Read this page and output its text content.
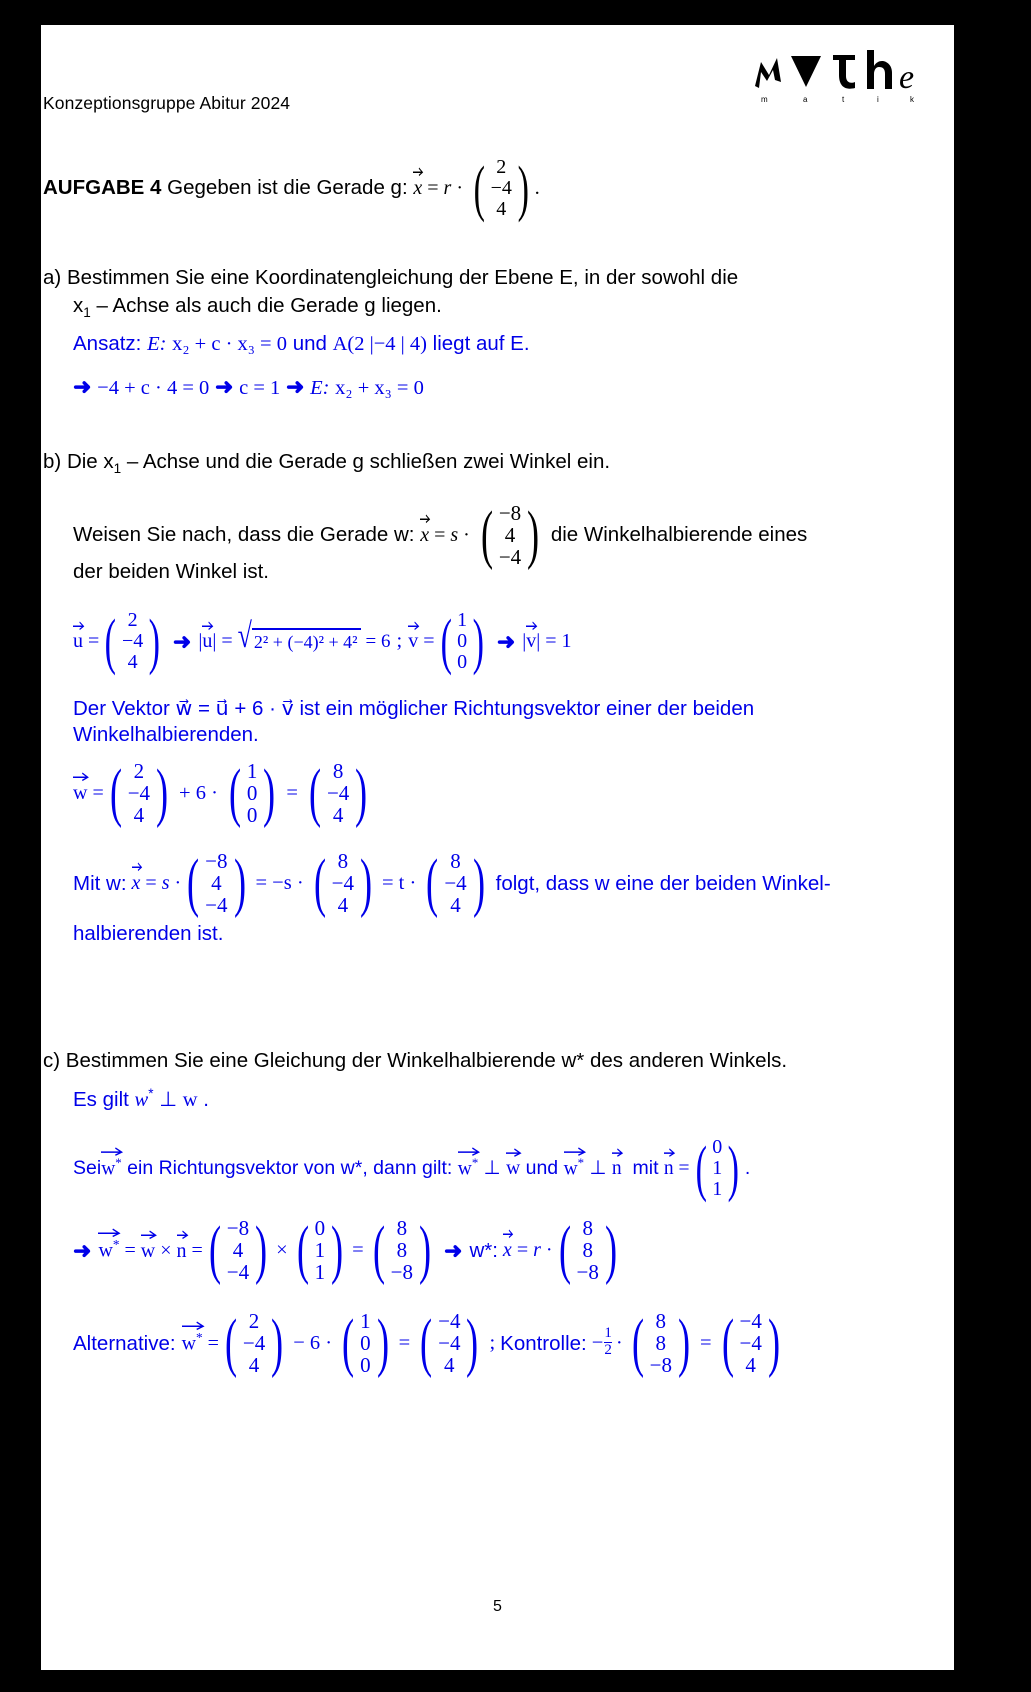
Konzeptionsgruppe Abitur 2024
e
m	a	t	i	k
AUFGABE 4 Gegeben ist die Gerade g: x = r · ( 2
−4
4 ) .
a) Bestimmen Sie eine Koordinatengleichung der Ebene E, in der sowohl die
$x_1$ – Achse als auch die Gerade g liegen.
Ansatz: E: x₂ + c · x₃ = 0 und A(2 |−4 | 4) liegt auf E.
➜ −4 + c · 4 = 0 ➜ c = 1 ➜ E: x₂ + x₃ = 0
b) Die $x_1$ – Achse und die Gerade g schließen zwei Winkel ein.
Weisen Sie nach, dass die Gerade w: x = s · ( −8
4
−4 ) die Winkelhalbierende eines
der beiden Winkel ist.
u = ( 2
−4
4 ) ➜ |
u| = √ 2² + (−4)² + 4² = 6 ; v = ( 1
0
0 ) ➜ |
v| = 1
Der Vektor w⃗ = u⃗ + 6 · v⃗ ist ein möglicher Richtungsvektor einer der beiden
Winkelhalbierenden.
w = ( 2
−4
4 ) + 6 · ( 1
0
0 ) = ( 8
−4
4 )
Mit w: x = s · ( −8
4
−4 ) = −s · ( 8
−4
4 ) = t · ( 8
−4
4 ) folgt, dass w eine der beiden Winkel-
halbierenden ist.
c) Bestimmen Sie eine Gleichung der Winkelhalbierende w* des anderen Winkels.
Es gilt w* ⊥ w .
Sei w* ein Richtungsvektor von w*, dann gilt: w* ⊥ w und w* ⊥ n mit n = ( 0
1
1 ) .
➜ w* =
w ×
n = ( −8
4
−4 ) × ( 0
1
1 ) = ( 8
8
−8 ) ➜ w*: x = r · ( 8
8
−8 )
Alternative: w* = ( 2
−4
4 ) − 6 · ( 1
0
0 ) = ( −4
−4
4 ) ; Kontrolle: − $\frac{1}{2}$ · ( 8
8
−8 ) = ( −4
−4
4 )
5
